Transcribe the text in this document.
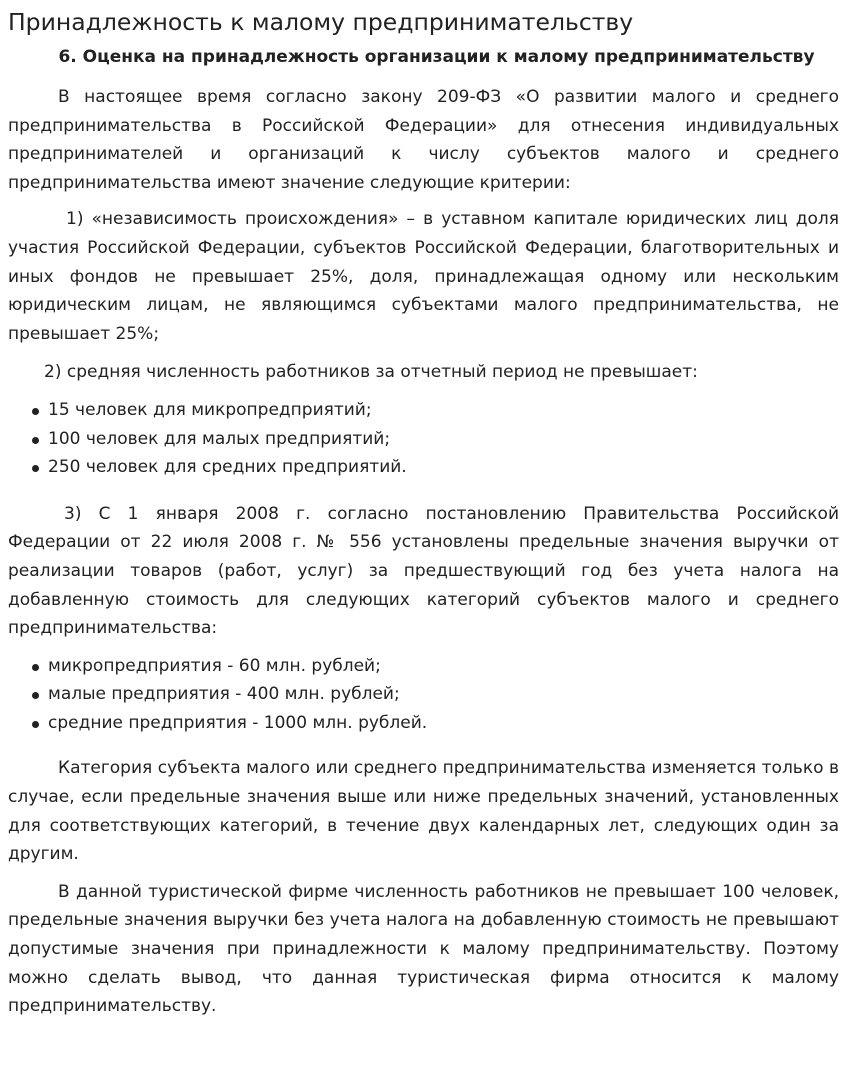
Принадлежность к малому предпринимательству
6. Оценка на принадлежность организации к малому предпринимательству

В настоящее время согласно закону 209-ФЗ «О развитии малого и среднего предпринимательства в Российской Федерации» для отнесения индивидуальных предпринимателей и организаций к числу субъектов малого и среднего предпринимательства имеют значение следующие критерии:

1) «независимость происхождения» – в уставном капитале юридических лиц доля участия Российской Федерации, субъектов Российской Федерации, благотворительных и иных фондов не превышает 25%, доля, принадлежащая одному или нескольким юридическим лицам, не являющимся субъектами малого предпринимательства, не превышает 25%;

2) средняя численность работников за отчетный период не превышает:

15 человек для микропредприятий;
100 человек для малых предприятий;
250 человек для средних предприятий.

3) С 1 января 2008 г. согласно постановлению Правительства Российской Федерации от 22 июля 2008 г. № 556 установлены предельные значения выручки от реализации товаров (работ, услуг) за предшествующий год без учета налога на добавленную стоимость для следующих категорий субъектов малого и среднего предпринимательства:

микропредприятия - 60 млн. рублей;
малые предприятия - 400 млн. рублей;
средние предприятия - 1000 млн. рублей.

Категория субъекта малого или среднего предпринимательства изменяется только в случае, если предельные значения выше или ниже предельных значений, установленных для соответствующих категорий, в течение двух календарных лет, следующих один за другим.

В данной туристической фирме численность работников не превышает 100 человек, предельные значения выручки без учета налога на добавленную стоимость не превышают допустимые значения при принадлежности к малому предпринимательству. Поэтому можно сделать вывод, что данная туристическая фирма относится к малому предпринимательству.
